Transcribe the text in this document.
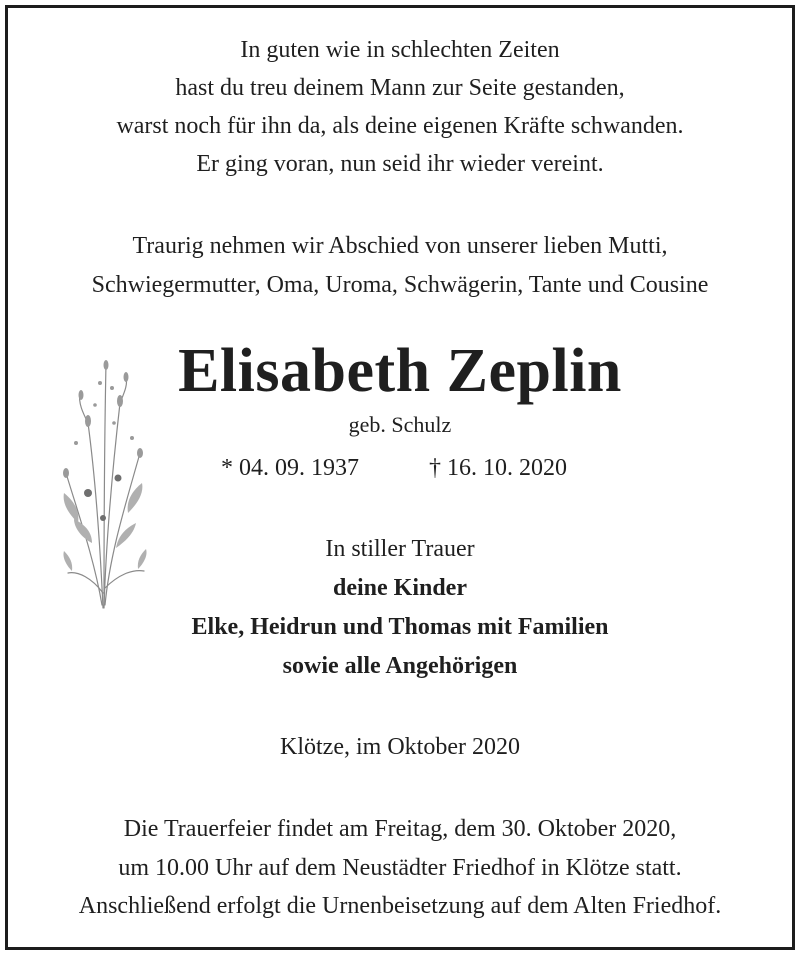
In guten wie in schlechten Zeiten
hast du treu deinem Mann zur Seite gestanden,
warst noch für ihn da, als deine eigenen Kräfte schwanden.
Er ging voran, nun seid ihr wieder vereint.
Traurig nehmen wir Abschied von unserer lieben Mutti,
Schwiegermutter, Oma, Uroma, Schwägerin, Tante und Cousine
Elisabeth Zeplin
geb. Schulz
* 04. 09. 1937	† 16. 10. 2020
In stiller Trauer
deine Kinder
Elke, Heidrun und Thomas mit Familien
sowie alle Angehörigen
Klötze, im Oktober 2020
Die Trauerfeier findet am Freitag, dem 30. Oktober 2020,
um 10.00 Uhr auf dem Neustädter Friedhof in Klötze statt.
Anschließend erfolgt die Urnenbeisetzung auf dem Alten Friedhof.
